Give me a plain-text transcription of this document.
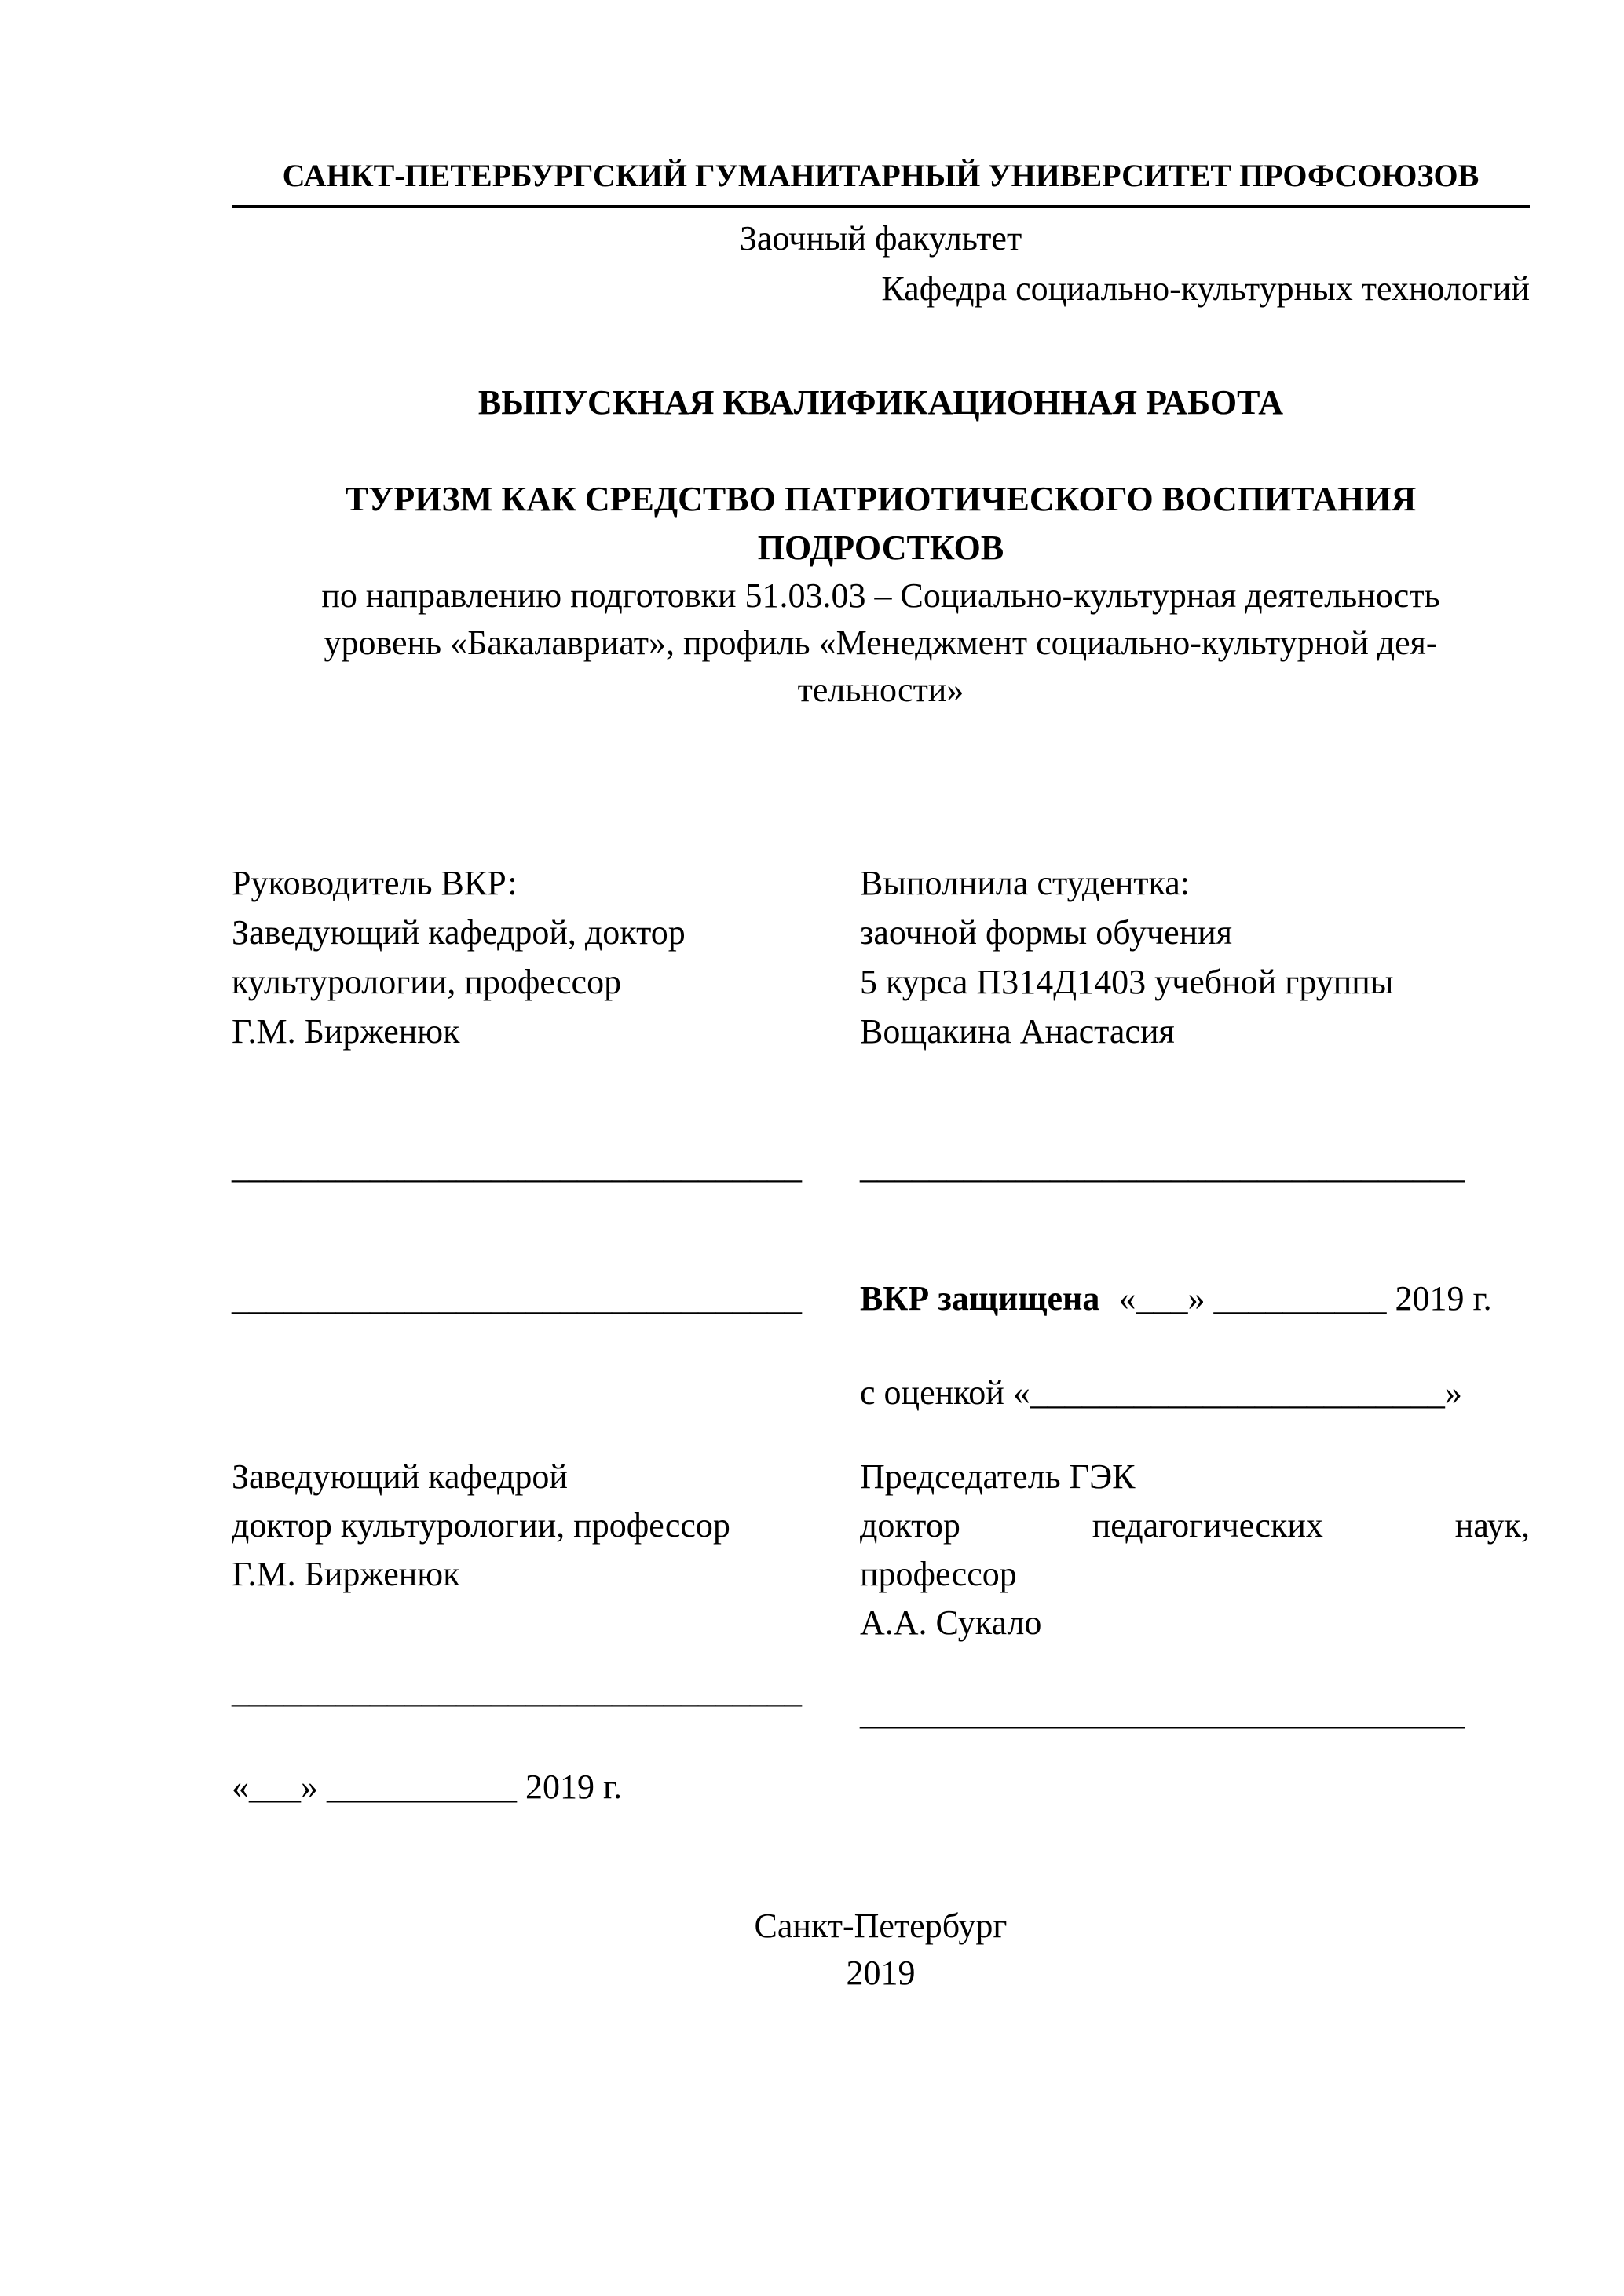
САНКТ-ПЕТЕРБУРГСКИЙ ГУМАНИТАРНЫЙ УНИВЕРСИТЕТ ПРОФСОЮЗОВ
Заочный факультет
Кафедра социально-культурных технологий
ВЫПУСКНАЯ КВАЛИФИКАЦИОННАЯ РАБОТА
ТУРИЗМ КАК СРЕДСТВО ПАТРИОТИЧЕСКОГО ВОСПИТАНИЯ
ПОДРОСТКОВ
по направлению подготовки 51.03.03 – Социально-культурная деятельность
уровень «Бакалавриат», профиль «Менеджмент социально-культурной дея-
тельности»
Руководитель ВКР:
Заведующий кафедрой, доктор
культурологии, профессор
Г.М. Бирженюк
Выполнила студентка:
заочной формы обучения
5 курса П314Д1403 учебной группы
Вощакина Анастасия
_________________________________ ___________________________________
_________________________________ ВКР защищена «___» __________ 2019 г.
с оценкой «________________________»
Заведующий кафедрой
доктор культурологии, профессор
Г.М. Бирженюк
Председатель ГЭК
доктор	педагогических	наук,
профессор
А.А. Сукало
_________________________________
___________________________________
«___» ___________ 2019 г.
Санкт-Петербург
2019
